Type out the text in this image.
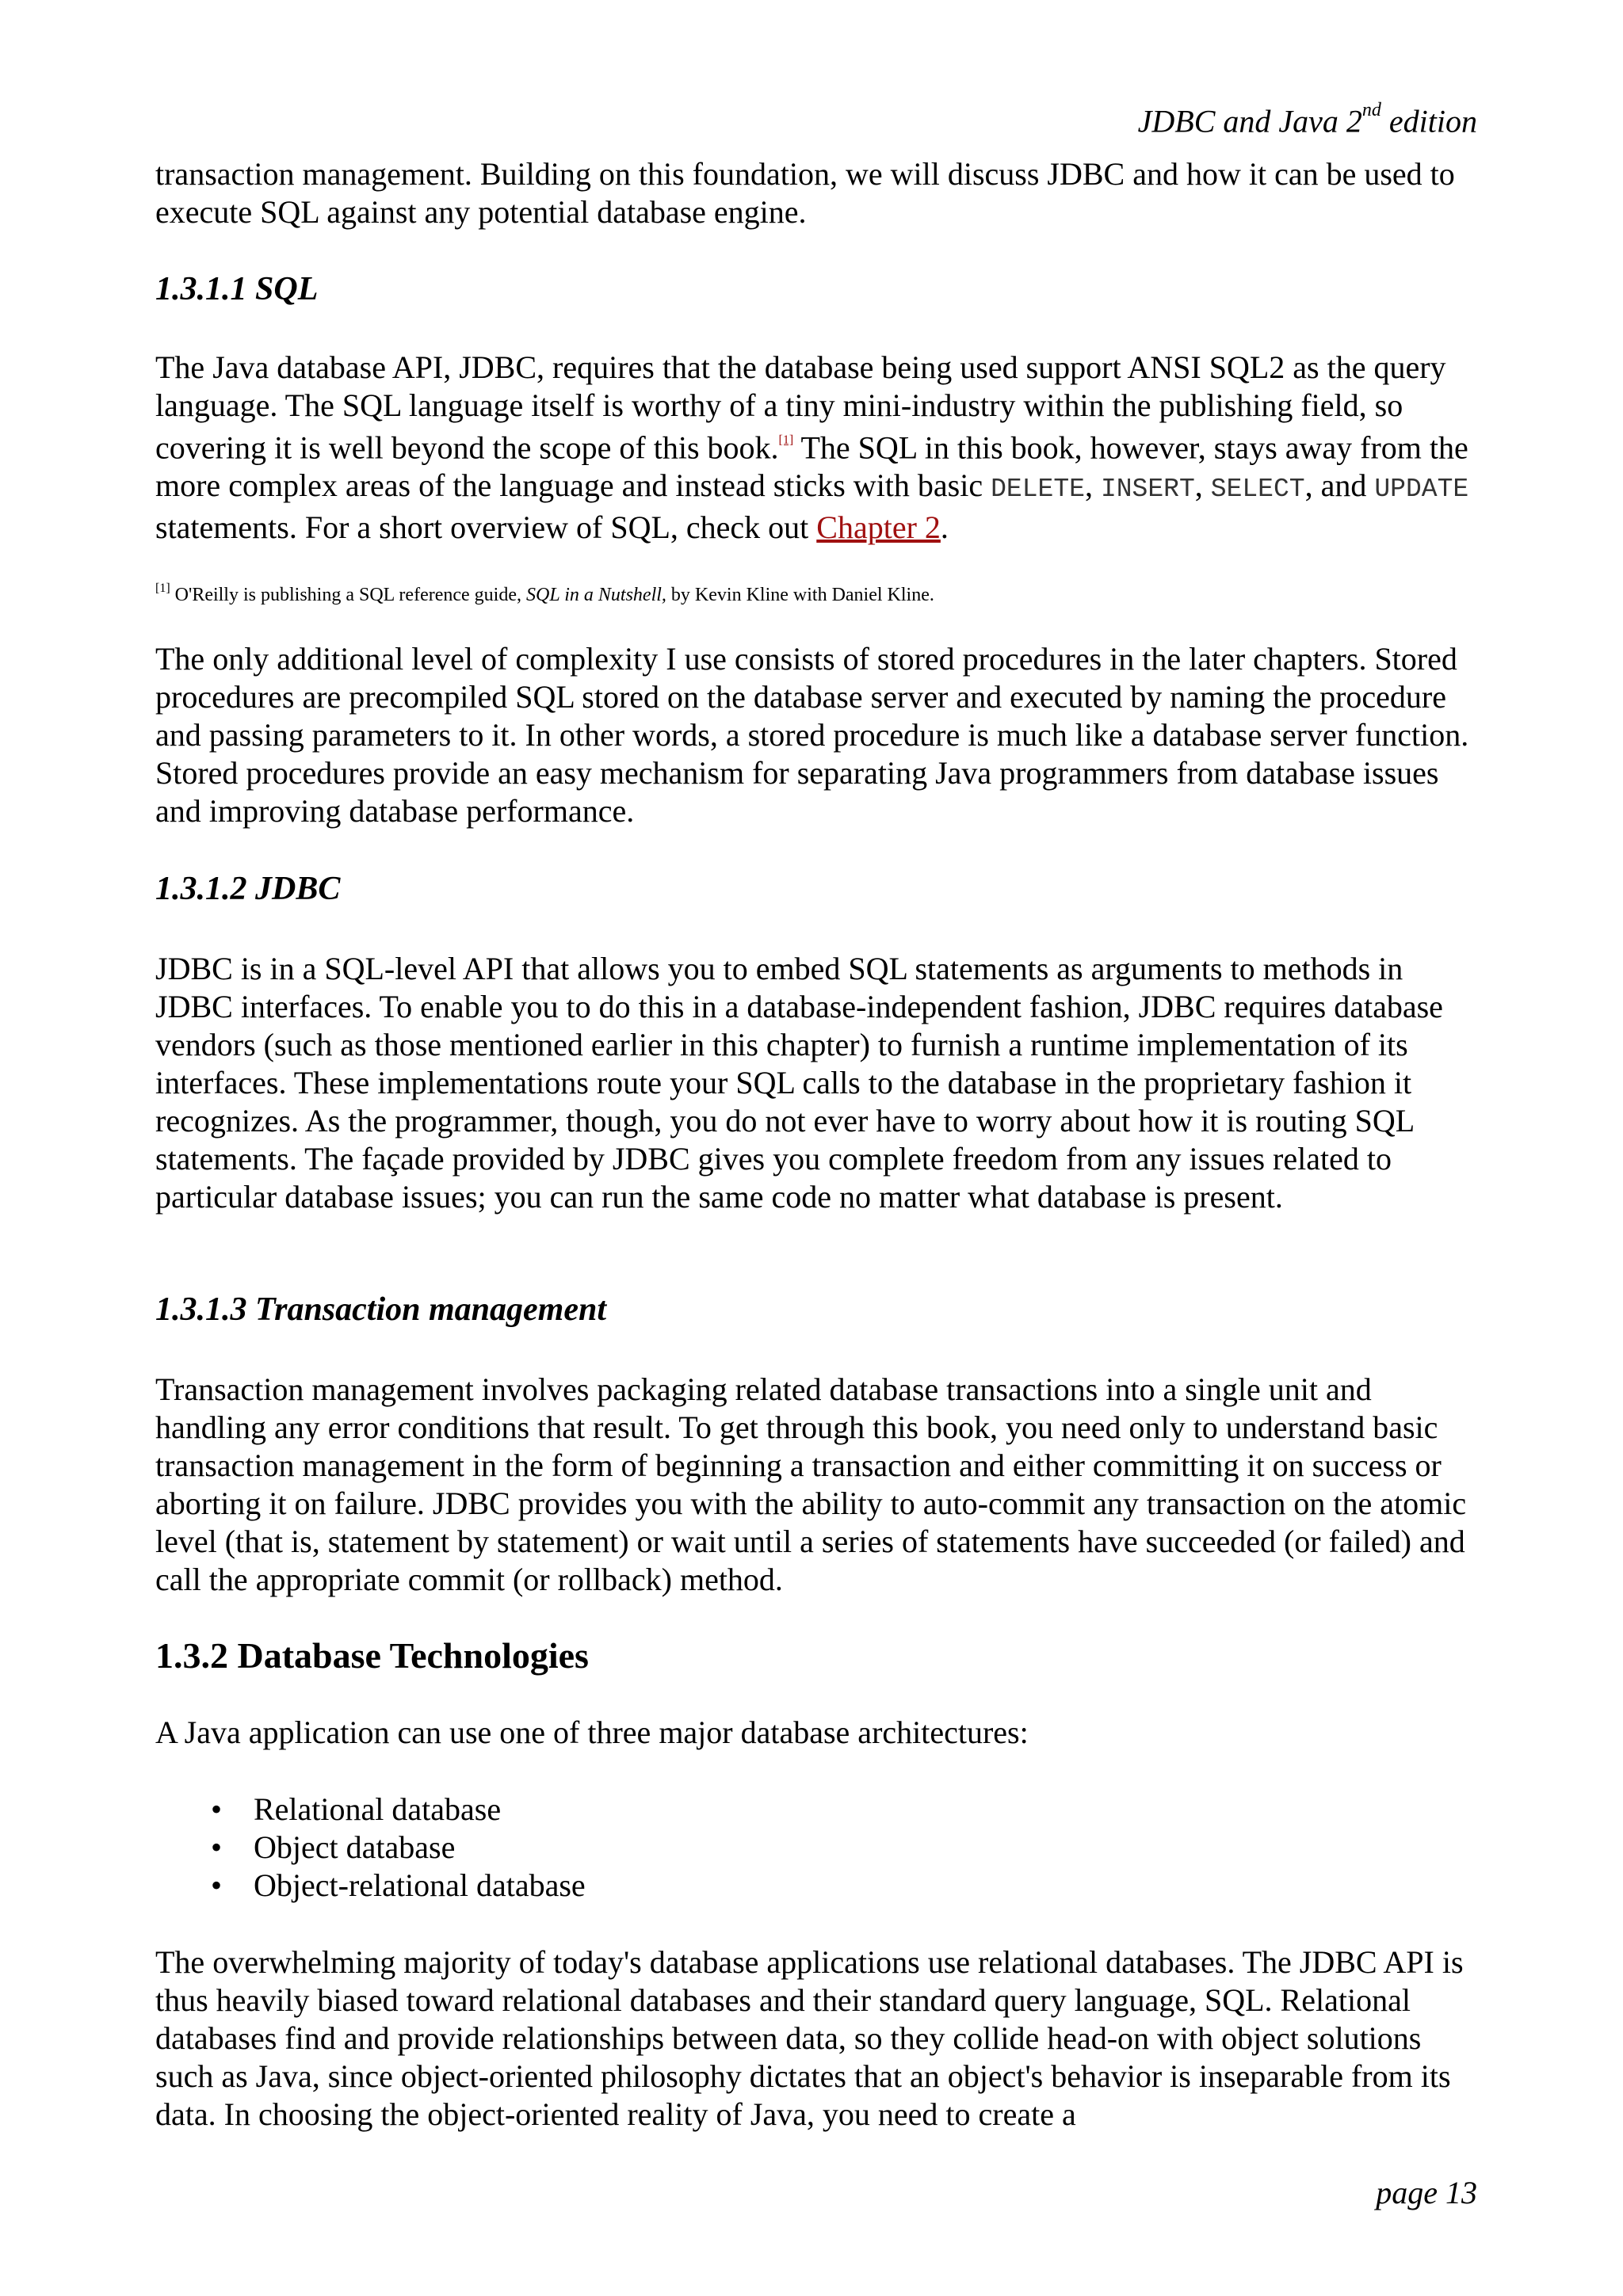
JDBC and Java 2nd edition

transaction management. Building on this foundation, we will discuss JDBC and how it can be used to execute SQL against any potential database engine.

1.3.1.1 SQL

The Java database API, JDBC, requires that the database being used support ANSI SQL2 as the query language. The SQL language itself is worthy of a tiny mini-industry within the publishing field, so covering it is well beyond the scope of this book.[1] The SQL in this book, however, stays away from the more complex areas of the language and instead sticks with basic DELETE, INSERT, SELECT, and UPDATE statements. For a short overview of SQL, check out Chapter 2.

[1] O'Reilly is publishing a SQL reference guide, SQL in a Nutshell, by Kevin Kline with Daniel Kline.

The only additional level of complexity I use consists of stored procedures in the later chapters. Stored procedures are precompiled SQL stored on the database server and executed by naming the procedure and passing parameters to it. In other words, a stored procedure is much like a database server function. Stored procedures provide an easy mechanism for separating Java programmers from database issues and improving database performance.

1.3.1.2 JDBC

JDBC is in a SQL-level API that allows you to embed SQL statements as arguments to methods in JDBC interfaces. To enable you to do this in a database-independent fashion, JDBC requires database vendors (such as those mentioned earlier in this chapter) to furnish a runtime implementation of its interfaces. These implementations route your SQL calls to the database in the proprietary fashion it recognizes. As the programmer, though, you do not ever have to worry about how it is routing SQL statements. The façade provided by JDBC gives you complete freedom from any issues related to particular database issues; you can run the same code no matter what database is present.

1.3.1.3 Transaction management

Transaction management involves packaging related database transactions into a single unit and handling any error conditions that result. To get through this book, you need only to understand basic transaction management in the form of beginning a transaction and either committing it on success or aborting it on failure. JDBC provides you with the ability to auto-commit any transaction on the atomic level (that is, statement by statement) or wait until a series of statements have succeeded (or failed) and call the appropriate commit (or rollback) method.

1.3.2 Database Technologies

A Java application can use one of three major database architectures:

• Relational database
• Object database
• Object-relational database

The overwhelming majority of today's database applications use relational databases. The JDBC API is thus heavily biased toward relational databases and their standard query language, SQL. Relational databases find and provide relationships between data, so they collide head-on with object solutions such as Java, since object-oriented philosophy dictates that an object's behavior is inseparable from its data. In choosing the object-oriented reality of Java, you need to create a

page 13
